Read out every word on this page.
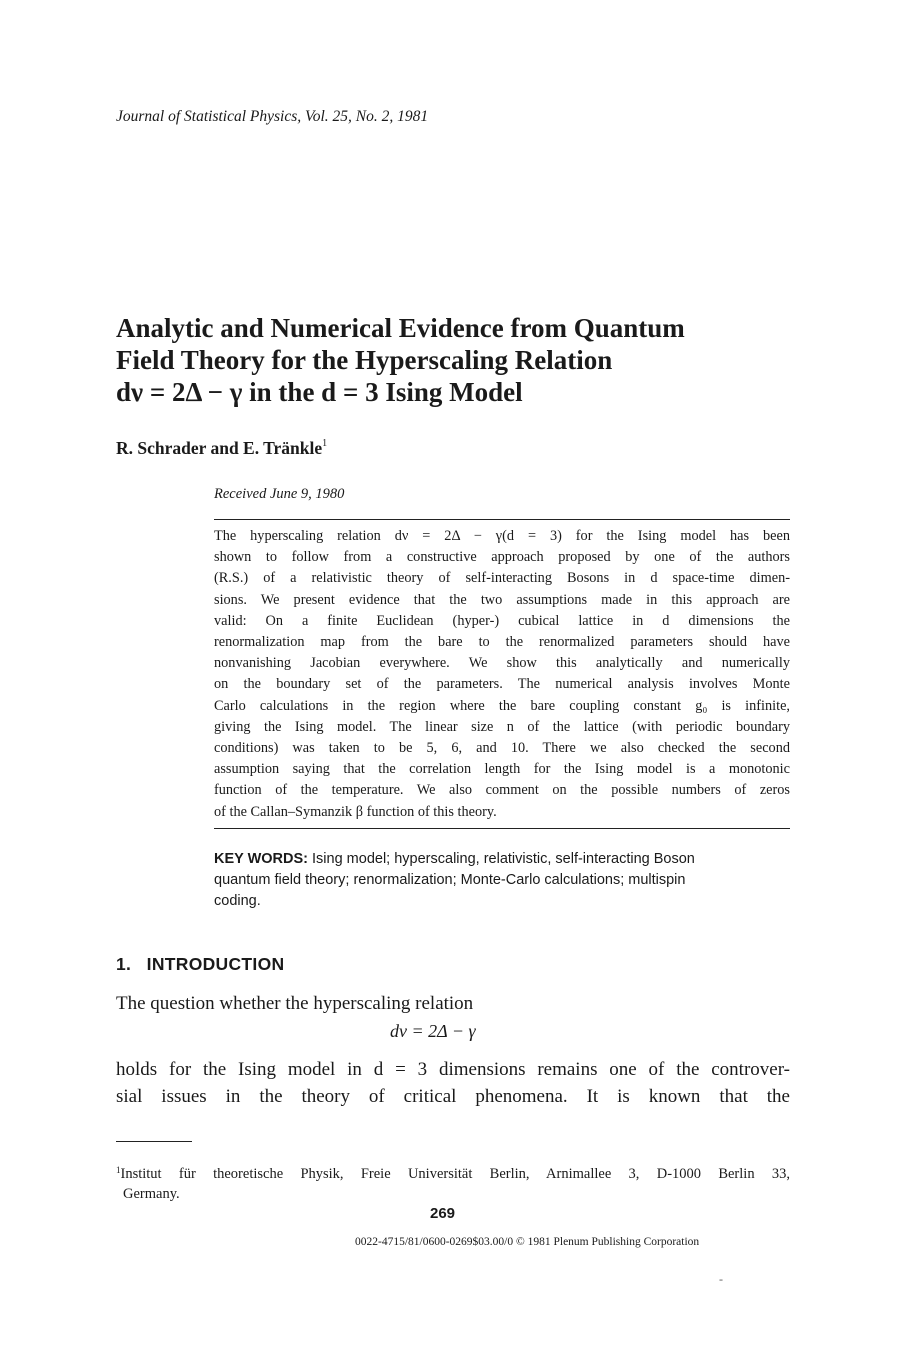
Journal of Statistical Physics, Vol. 25, No. 2, 1981
Analytic and Numerical Evidence from Quantum
Field Theory for the Hyperscaling Relation
dν = 2Δ − γ in the d = 3 Ising Model
R. Schrader and E. Tränkle$^1$
Received June 9, 1980

The hyperscaling relation dν = 2Δ − γ(d = 3) for the Ising model has been
shown to follow from a constructive approach proposed by one of the authors
(R.S.) of a relativistic theory of self-interacting Bosons in d space-time dimen-
sions. We present evidence that the two assumptions made in this approach are
valid: On a finite Euclidean (hyper-) cubical lattice in d dimensions the
renormalization map from the bare to the renormalized parameters should have
nonvanishing Jacobian everywhere. We show this analytically and numerically
on the boundary set of the parameters. The numerical analysis involves Monte
Carlo calculations in the region where the bare coupling constant g₀ is infinite,
giving the Ising model. The linear size n of the lattice (with periodic boundary
conditions) was taken to be 5, 6, and 10. There we also checked the second
assumption saying that the correlation length for the Ising model is a monotonic
function of the temperature. We also comment on the possible numbers of zeros
of the Callan–Symanzik β function of this theory.

KEY WORDS: Ising model; hyperscaling, relativistic, self-interacting Boson
quantum field theory; renormalization; Monte-Carlo calculations; multispin
coding.

1.   INTRODUCTION
The question whether the hyperscaling relation
dν = 2Δ − γ

holds for the Ising model in d = 3 dimensions remains one of the controver-
sial issues in the theory of critical phenomena. It is known that the

$^1$Institut für theoretische Physik, Freie Universität Berlin, Arnimallee 3, D-1000 Berlin 33,
Germany.

269
0022-4715/81/0600-0269$03.00/0 © 1981 Plenum Publishing Corporation
-
